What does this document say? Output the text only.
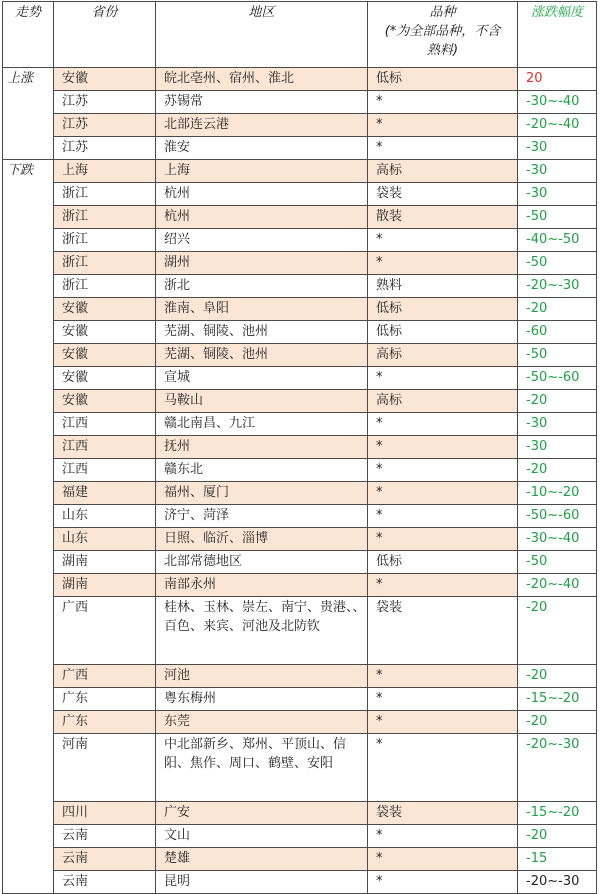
走势	省份	地区	品种
(*为全部品种，不含
熟料)	涨跌幅度
上涨	安徽	皖北亳州、宿州、淮北	低标	20
	江苏	苏锡常	*	-30~-40
	江苏	北部连云港	*	-20~-40
	江苏	淮安	*	-30
下跌	上海	上海	高标	-30
	浙江	杭州	袋装	-30
	浙江	杭州	散装	-50
	浙江	绍兴	*	-40~-50
	浙江	湖州	*	-50
	浙江	浙北	熟料	-20~-30
	安徽	淮南、阜阳	低标	-20
	安徽	芜湖、铜陵、池州	低标	-60
	安徽	芜湖、铜陵、池州	高标	-50
	安徽	宣城	*	-50~-60
	安徽	马鞍山	高标	-20
	江西	赣北南昌、九江	*	-30
	江西	抚州	*	-30
	江西	赣东北	*	-20
	福建	福州、厦门	*	-10~-20
	山东	济宁、菏泽	*	-50~-60
	山东	日照、临沂、淄博	*	-30~-40
	湖南	北部常德地区	低标	-50
	湖南	南部永州	*	-20~-40
	广西	桂林、玉林、崇左、南宁、贵港、、百色、来宾、河池及北防钦	袋装	-20
	广西	河池	*	-20
	广东	粤东梅州	*	-15~-20
	广东	东莞	*	-20
	河南	中北部新乡、郑州、平顶山、信阳、焦作、周口、鹤壁、安阳	*	-20~-30
	四川	广安	袋装	-15~-20
	云南	文山	*	-20
	云南	楚雄	*	-15
	云南	昆明	*	-20~-30
